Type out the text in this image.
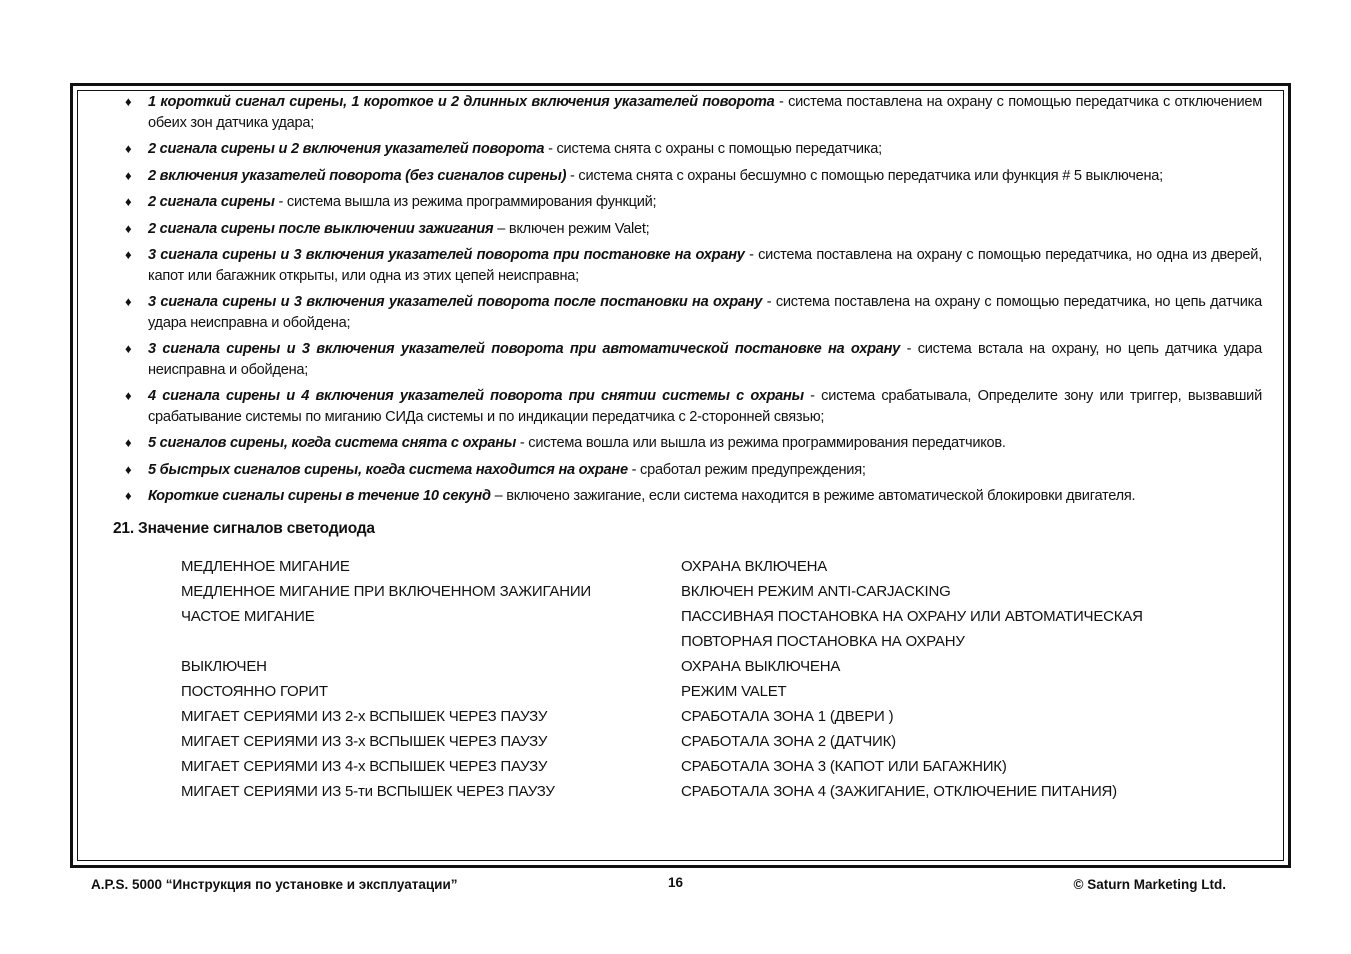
♦ 1 короткий сигнал сирены, 1 короткое и 2 длинных включения указателей поворота - система поставлена на охрану с помощью передатчика с отключением обеих зон датчика удара;
♦ 2 сигнала сирены и 2 включения указателей поворота - система снята с охраны с помощью передатчика;
♦ 2 включения указателей поворота (без сигналов сирены) - система снята с охраны бесшумно с помощью передатчика или функция # 5 выключена;
♦ 2 сигнала сирены - система вышла из режима программирования функций;
♦ 2 сигнала сирены после выключении зажигания – включен режим Valet;
♦ 3 сигнала сирены и 3 включения указателей поворота при постановке на охрану - система поставлена на охрану с помощью передатчика, но одна из дверей, капот или багажник открыты, или одна из этих цепей неисправна;
♦ 3 сигнала сирены и 3 включения указателей поворота после постановки на охрану - система поставлена на охрану с помощью передатчика, но цепь датчика удара неисправна и обойдена;
♦ 3 сигнала сирены и 3 включения указателей поворота при автоматической постановке на охрану - система встала на охрану, но цепь датчика удара неисправна и обойдена;
♦ 4 сигнала сирены и 4 включения указателей поворота при снятии системы с охраны - система срабатывала, Определите зону или триггер, вызвавший срабатывание системы по миганию СИДа системы и по индикации передатчика с 2-сторонней связью;
♦ 5 сигналов сирены, когда система снята с охраны - система вошла или вышла из режима программирования передатчиков.
♦ 5 быстрых сигналов сирены, когда система находится на охране - сработал режим предупреждения;
♦ Короткие сигналы сирены в течение 10 секунд – включено зажигание, если система находится в режиме автоматической блокировки двигателя.
21. Значение сигналов светодиода
МЕДЛЕННОЕ МИГАНИЕ	ОХРАНА ВКЛЮЧЕНА
МЕДЛЕННОЕ МИГАНИЕ ПРИ ВКЛЮЧЕННОМ ЗАЖИГАНИИ	ВКЛЮЧЕН РЕЖИМ ANTI-CARJACKING
ЧАСТОЕ МИГАНИЕ	ПАССИВНАЯ ПОСТАНОВКА НА ОХРАНУ ИЛИ АВТОМАТИЧЕСКАЯ
ПОВТОРНАЯ ПОСТАНОВКА НА ОХРАНУ
ВЫКЛЮЧЕН	ОХРАНА ВЫКЛЮЧЕНА
ПОСТОЯННО ГОРИТ	РЕЖИМ VALET
МИГАЕТ СЕРИЯМИ ИЗ 2-х ВСПЫШЕК ЧЕРЕЗ ПАУЗУ	СРАБОТАЛА ЗОНА 1 (ДВЕРИ )
МИГАЕТ СЕРИЯМИ ИЗ 3-х ВСПЫШЕК ЧЕРЕЗ ПАУЗУ	СРАБОТАЛА ЗОНА 2 (ДАТЧИК)
МИГАЕТ СЕРИЯМИ ИЗ 4-х ВСПЫШЕК ЧЕРЕЗ ПАУЗУ	СРАБОТАЛА ЗОНА 3 (КАПОТ ИЛИ БАГАЖНИК)
МИГАЕТ СЕРИЯМИ ИЗ 5-ти ВСПЫШЕК ЧЕРЕЗ ПАУЗУ	СРАБОТАЛА ЗОНА 4 (ЗАЖИГАНИЕ, ОТКЛЮЧЕНИЕ ПИТАНИЯ)
A.P.S. 5000 “Инструкция по установке и эксплуатации”	16	© Saturn Marketing Ltd.
